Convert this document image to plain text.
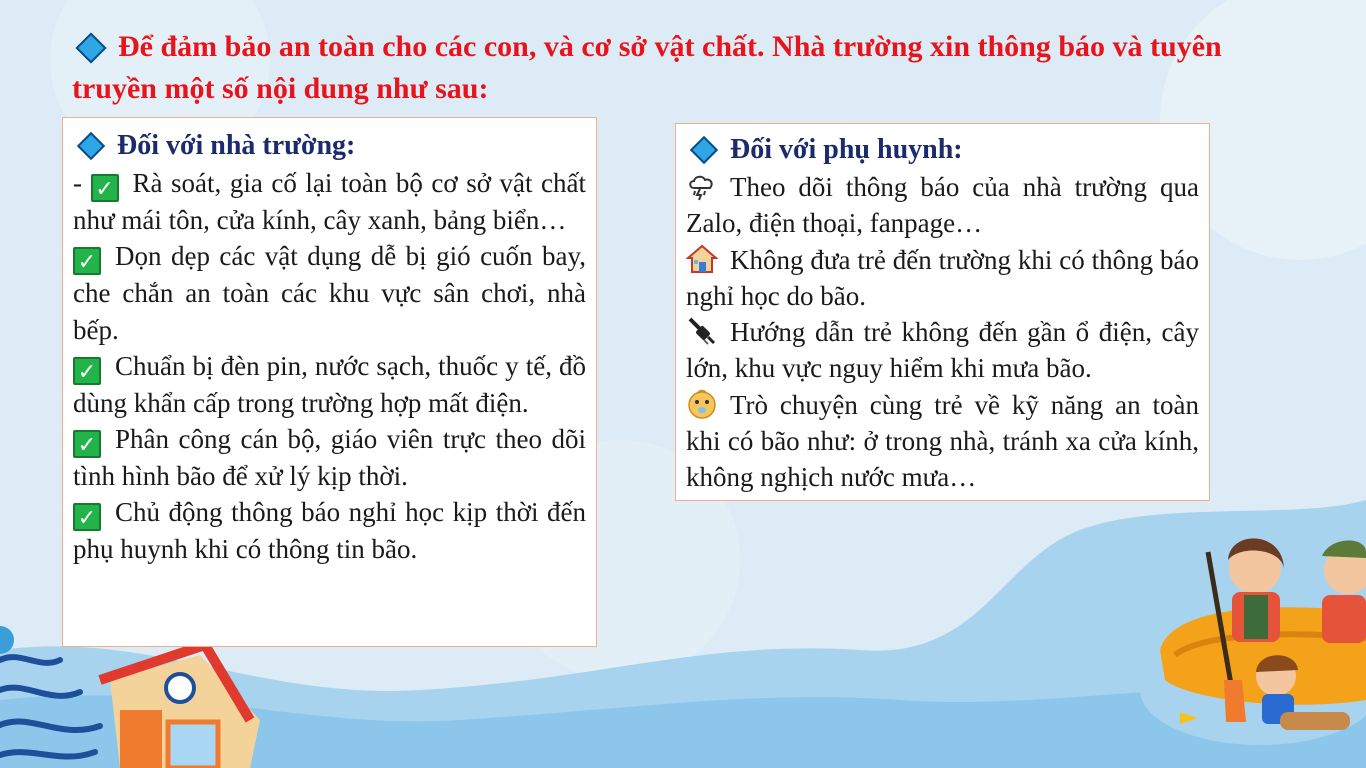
Để đảm bảo an toàn cho các con, và cơ sở vật chất. Nhà trường xin thông báo và tuyên truyền một số nội dung như sau:
Đối với nhà trường:

- ✓ Rà soát, gia cố lại toàn bộ cơ sở vật chất như mái tôn, cửa kính, cây xanh, bảng biển…

✓ Dọn dẹp các vật dụng dễ bị gió cuốn bay, che chắn an toàn các khu vực sân chơi, nhà bếp.

✓ Chuẩn bị đèn pin, nước sạch, thuốc y tế, đồ dùng khẩn cấp trong trường hợp mất điện.

✓ Phân công cán bộ, giáo viên trực theo dõi tình hình bão để xử lý kịp thời.

✓ Chủ động thông báo nghỉ học kịp thời đến phụ huynh khi có thông tin bão.

Đối với phụ huynh:

Theo dõi thông báo của nhà trường qua Zalo, điện thoại, fanpage…

Không đưa trẻ đến trường khi có thông báo nghỉ học do bão.

Hướng dẫn trẻ không đến gần ổ điện, cây lớn, khu vực nguy hiểm khi mưa bão.

Trò chuyện cùng trẻ về kỹ năng an toàn khi có bão như: ở trong nhà, tránh xa cửa kính, không nghịch nước mưa…
